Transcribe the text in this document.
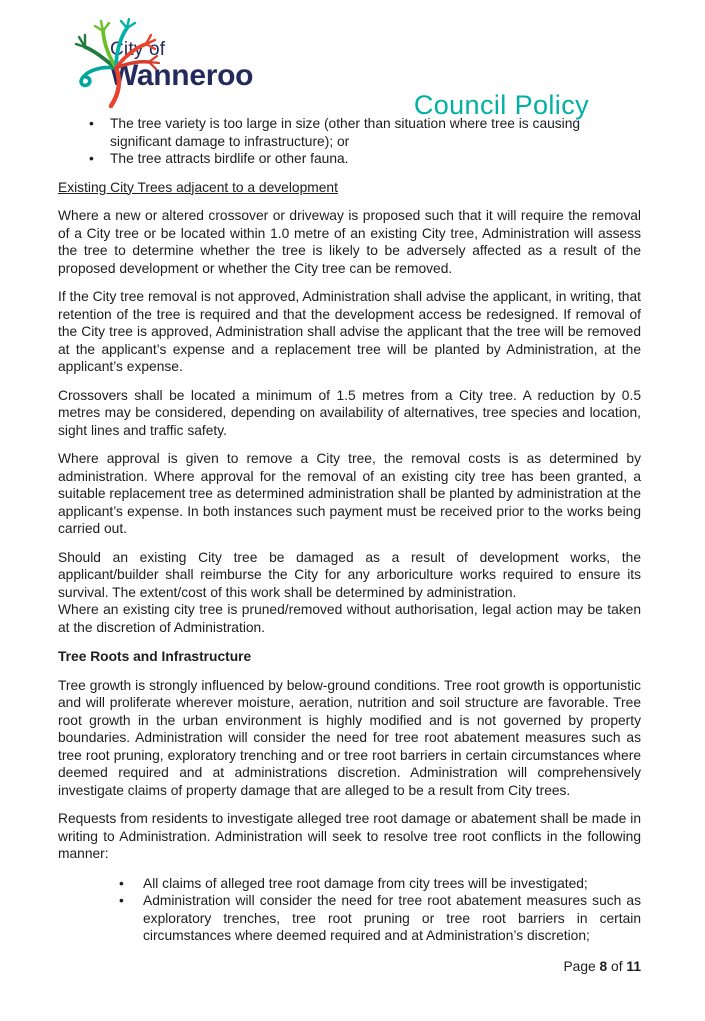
City of
Wanneroo
Council Policy
• The tree variety is too large in size (other than situation where tree is causing significant damage to infrastructure); or
• The tree attracts birdlife or other fauna.
Existing City Trees adjacent to a development

Where a new or altered crossover or driveway is proposed such that it will require the removal of a City tree or be located within 1.0 metre of an existing City tree, Administration will assess the tree to determine whether the tree is likely to be adversely affected as a result of the proposed development or whether the City tree can be removed.

If the City tree removal is not approved, Administration shall advise the applicant, in writing, that retention of the tree is required and that the development access be redesigned. If removal of the City tree is approved, Administration shall advise the applicant that the tree will be removed at the applicant’s expense and a replacement tree will be planted by Administration, at the applicant’s expense.

Crossovers shall be located a minimum of 1.5 metres from a City tree. A reduction by 0.5 metres may be considered, depending on availability of alternatives, tree species and location, sight lines and traffic safety.

Where approval is given to remove a City tree, the removal costs is as determined by administration. Where approval for the removal of an existing city tree has been granted, a suitable replacement tree as determined administration shall be planted by administration at the applicant’s expense. In both instances such payment must be received prior to the works being carried out.

Should an existing City tree be damaged as a result of development works, the applicant/builder shall reimburse the City for any arboriculture works required to ensure its survival. The extent/cost of this work shall be determined by administration.

Where an existing city tree is pruned/removed without authorisation, legal action may be taken at the discretion of Administration.

Tree Roots and Infrastructure

Tree growth is strongly influenced by below-ground conditions. Tree root growth is opportunistic and will proliferate wherever moisture, aeration, nutrition and soil structure are favorable. Tree root growth in the urban environment is highly modified and is not governed by property boundaries. Administration will consider the need for tree root abatement measures such as tree root pruning, exploratory trenching and or tree root barriers in certain circumstances where deemed required and at administrations discretion. Administration will comprehensively investigate claims of property damage that are alleged to be a result from City trees.

Requests from residents to investigate alleged tree root damage or abatement shall be made in writing to Administration. Administration will seek to resolve tree root conflicts in the following manner:

• All claims of alleged tree root damage from city trees will be investigated;
• Administration will consider the need for tree root abatement measures such as exploratory trenches, tree root pruning or tree root barriers in certain circumstances where deemed required and at Administration’s discretion;
Page 8 of 11
